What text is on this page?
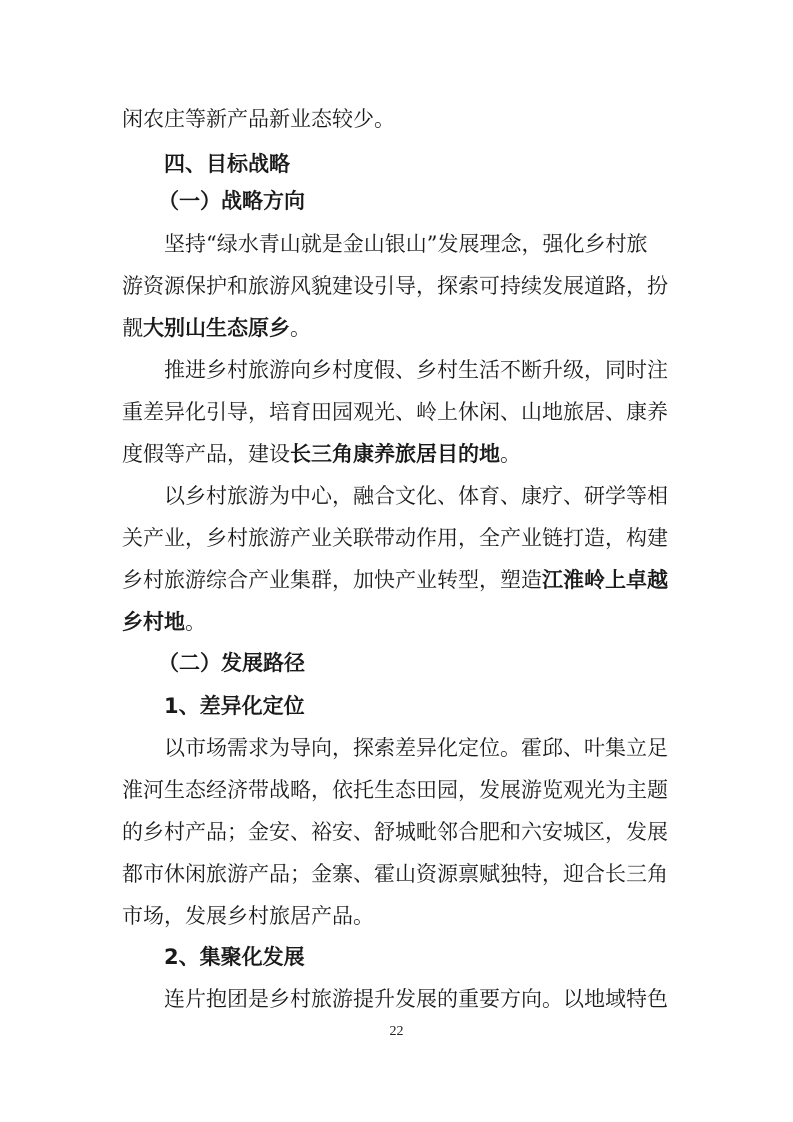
闲农庄等新产品新业态较少。
四、目标战略
（一）战略方向
坚持“绿水青山就是金山银山”发展理念，强化乡村旅
游资源保护和旅游风貌建设引导，探索可持续发展道路，扮
靓大别山生态原乡。
推进乡村旅游向乡村度假、乡村生活不断升级，同时注
重差异化引导，培育田园观光、岭上休闲、山地旅居、康养
度假等产品，建设长三角康养旅居目的地。
以乡村旅游为中心，融合文化、体育、康疗、研学等相
关产业，乡村旅游产业关联带动作用，全产业链打造，构建
乡村旅游综合产业集群，加快产业转型，塑造江淮岭上卓越
乡村地。
（二）发展路径
1、差异化定位
以市场需求为导向，探索差异化定位。霍邱、叶集立足
淮河生态经济带战略，依托生态田园，发展游览观光为主题
的乡村产品；金安、裕安、舒城毗邻合肥和六安城区，发展
都市休闲旅游产品；金寨、霍山资源禀赋独特，迎合长三角
市场，发展乡村旅居产品。
2、集聚化发展
连片抱团是乡村旅游提升发展的重要方向。以地域特色
22
